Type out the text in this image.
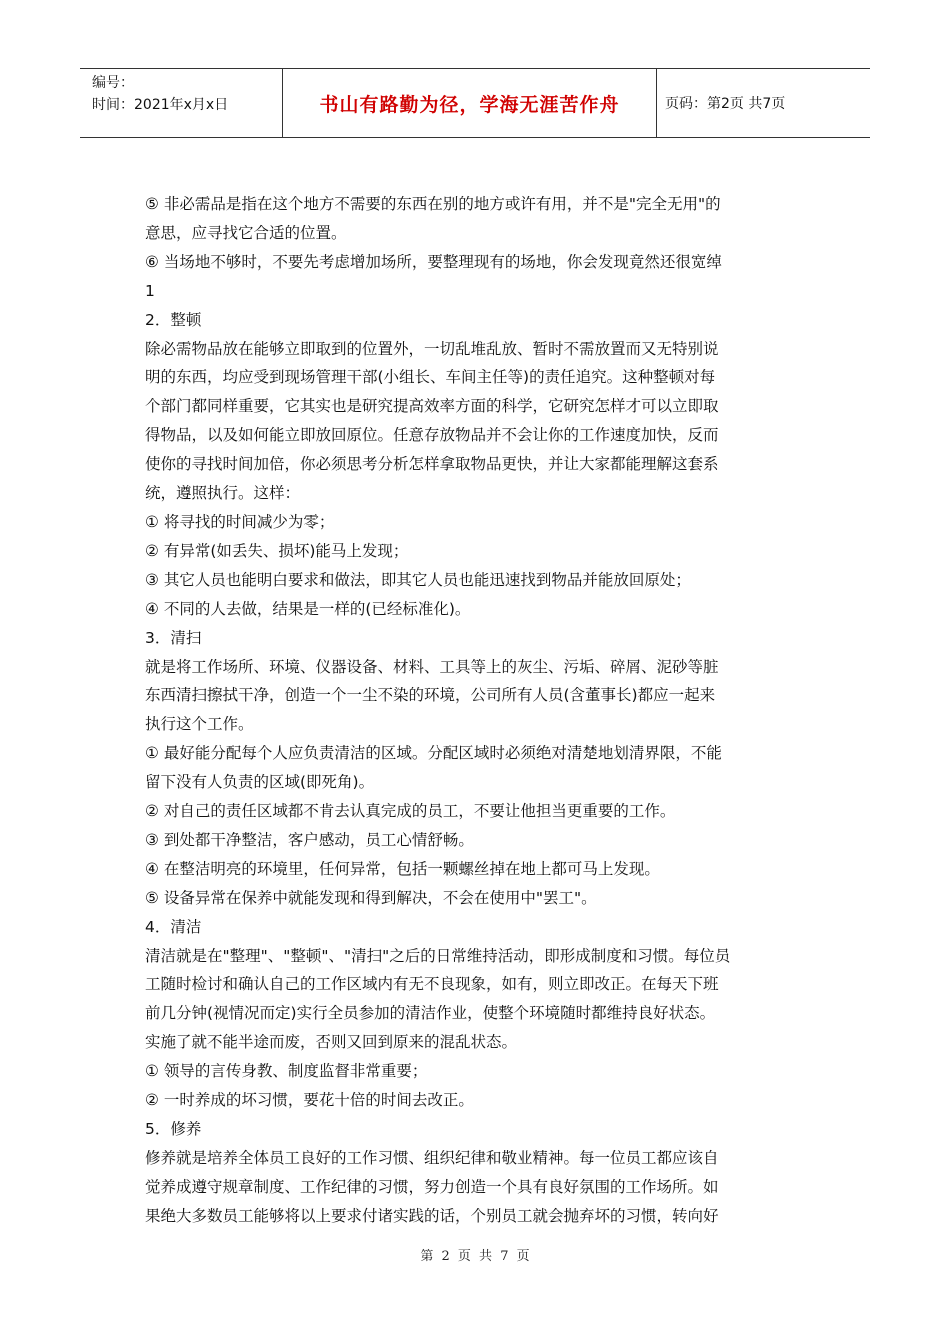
编号：
时间：2021年x月x日	书山有路勤为径，学海无涯苦作舟	页码：第2页 共7页

⑤ 非必需品是指在这个地方不需要的东西在别的地方或许有用，并不是"完全无用"的

意思，应寻找它合适的位置。

⑥ 当场地不够时，不要先考虑增加场所，要整理现有的场地，你会发现竟然还很宽绰

1

2．整顿

除必需物品放在能够立即取到的位置外，一切乱堆乱放、暂时不需放置而又无特别说

明的东西，均应受到现场管理干部(小组长、车间主任等)的责任追究。这种整顿对每

个部门都同样重要，它其实也是研究提高效率方面的科学，它研究怎样才可以立即取

得物品，以及如何能立即放回原位。任意存放物品并不会让你的工作速度加快，反而

使你的寻找时间加倍，你必须思考分析怎样拿取物品更快，并让大家都能理解这套系

统，遵照执行。这样：

① 将寻找的时间减少为零；

② 有异常(如丢失、损坏)能马上发现；

③ 其它人员也能明白要求和做法，即其它人员也能迅速找到物品并能放回原处；

④ 不同的人去做，结果是一样的(已经标准化)。

3．清扫

就是将工作场所、环境、仪器设备、材料、工具等上的灰尘、污垢、碎屑、泥砂等脏

东西清扫擦拭干净，创造一个一尘不染的环境，公司所有人员(含董事长)都应一起来

执行这个工作。

① 最好能分配每个人应负责清洁的区域。分配区域时必须绝对清楚地划清界限，不能

留下没有人负责的区域(即死角)。

② 对自己的责任区域都不肯去认真完成的员工，不要让他担当更重要的工作。

③ 到处都干净整洁，客户感动，员工心情舒畅。

④ 在整洁明亮的环境里，任何异常，包括一颗螺丝掉在地上都可马上发现。

⑤ 设备异常在保养中就能发现和得到解决，不会在使用中"罢工"。

4．清洁

清洁就是在"整理"、"整顿"、"清扫"之后的日常维持活动，即形成制度和习惯。每位员

工随时检讨和确认自己的工作区域内有无不良现象，如有，则立即改正。在每天下班

前几分钟(视情况而定)实行全员参加的清洁作业，使整个环境随时都维持良好状态。

实施了就不能半途而废，否则又回到原来的混乱状态。

① 领导的言传身教、制度监督非常重要；

② 一时养成的坏习惯，要花十倍的时间去改正。

5．修养

修养就是培养全体员工良好的工作习惯、组织纪律和敬业精神。每一位员工都应该自

觉养成遵守规章制度、工作纪律的习惯，努力创造一个具有良好氛围的工作场所。如

果绝大多数员工能够将以上要求付诸实践的话，个别员工就会抛弃坏的习惯，转向好

第 2 页 共 7 页
